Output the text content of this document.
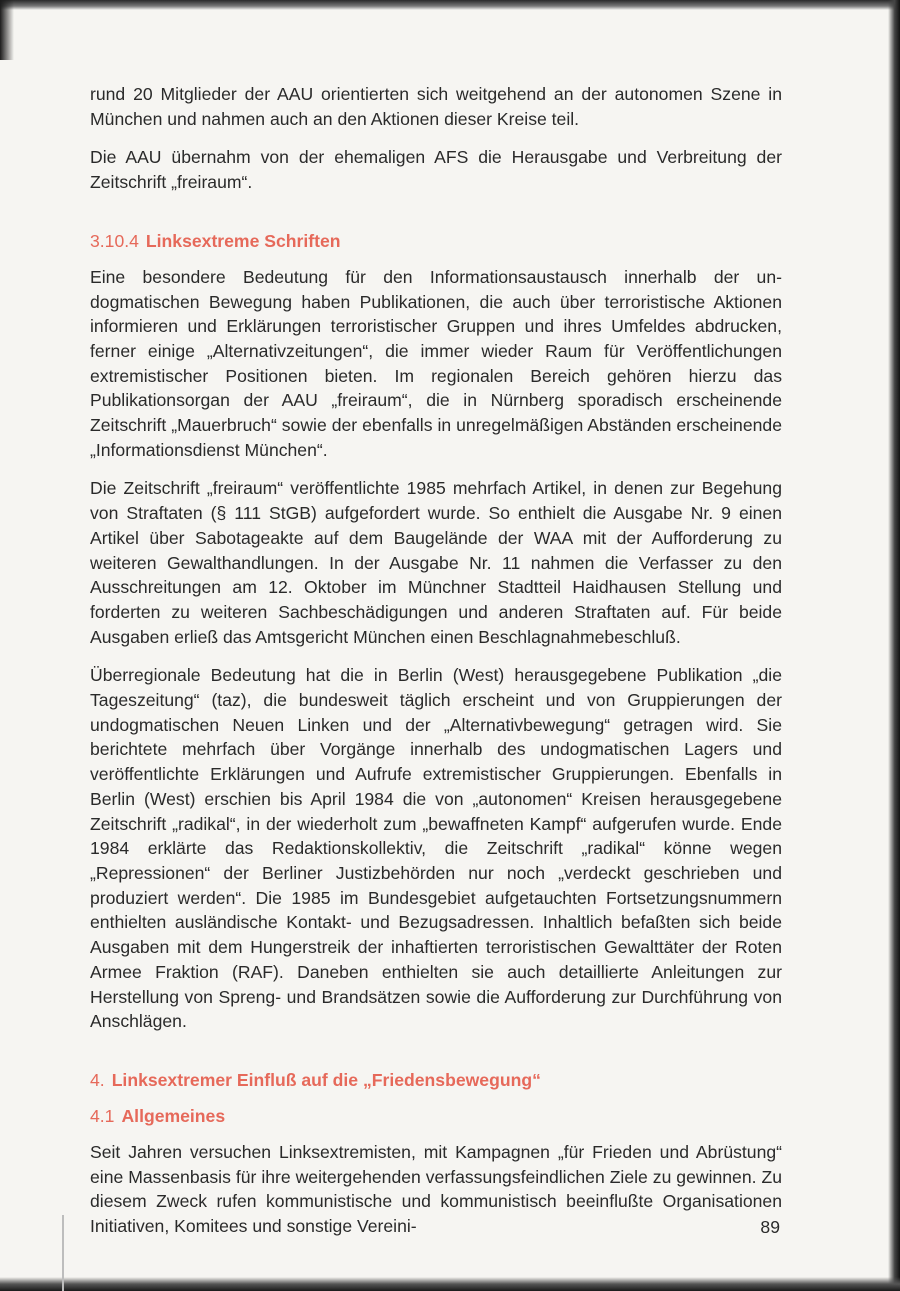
rund 20 Mitglieder der AAU orientierten sich weitgehend an der autonomen Szene in München und nahmen auch an den Aktionen dieser Kreise teil.

Die AAU übernahm von der ehemaligen AFS die Herausgabe und Verbreitung der Zeitschrift „freiraum“.

3.10.4 Linksextreme Schriften

Eine besondere Bedeutung für den Informationsaustausch innerhalb der undogmatischen Bewegung haben Publikationen, die auch über terroristische Aktionen informieren und Erklärungen terroristischer Gruppen und ihres Umfeldes abdrucken, ferner einige „Alternativzeitungen“, die immer wieder Raum für Veröffentlichungen extremistischer Positionen bieten. Im regionalen Bereich gehören hierzu das Publikationsorgan der AAU „freiraum“, die in Nürnberg sporadisch erscheinende Zeitschrift „Mauerbruch“ sowie der ebenfalls in unregelmäßigen Abständen erscheinende „Informationsdienst München“.

Die Zeitschrift „freiraum“ veröffentlichte 1985 mehrfach Artikel, in denen zur Begehung von Straftaten (§ 111 StGB) aufgefordert wurde. So enthielt die Ausgabe Nr. 9 einen Artikel über Sabotageakte auf dem Baugelände der WAA mit der Aufforderung zu weiteren Gewalthandlungen. In der Ausgabe Nr. 11 nahmen die Verfasser zu den Ausschreitungen am 12. Oktober im Münchner Stadtteil Haidhausen Stellung und forderten zu weiteren Sachbeschädigungen und anderen Straftaten auf. Für beide Ausgaben erließ das Amtsgericht München einen Beschlagnahmebeschluß.

Überregionale Bedeutung hat die in Berlin (West) herausgegebene Publikation „die Tageszeitung“ (taz), die bundesweit täglich erscheint und von Gruppierungen der undogmatischen Neuen Linken und der „Alternativbewegung“ getragen wird. Sie berichtete mehrfach über Vorgänge innerhalb des undogmatischen Lagers und veröffentlichte Erklärungen und Aufrufe extremistischer Gruppierungen. Ebenfalls in Berlin (West) erschien bis April 1984 die von „autonomen“ Kreisen herausgegebene Zeitschrift „radikal“, in der wiederholt zum „bewaffneten Kampf“ aufgerufen wurde. Ende 1984 erklärte das Redaktionskollektiv, die Zeitschrift „radikal“ könne wegen „Repressionen“ der Berliner Justizbehörden nur noch „verdeckt geschrieben und produziert werden“. Die 1985 im Bundesgebiet aufgetauchten Fortsetzungsnummern enthielten ausländische Kontakt- und Bezugsadressen. Inhaltlich befaßten sich beide Ausgaben mit dem Hungerstreik der inhaftierten terroristischen Gewalttäter der Roten Armee Fraktion (RAF). Daneben enthielten sie auch detaillierte Anleitungen zur Herstellung von Spreng- und Brandsätzen sowie die Aufforderung zur Durchführung von Anschlägen.

4. Linksextremer Einfluß auf die „Friedensbewegung“
4.1 Allgemeines

Seit Jahren versuchen Linksextremisten, mit Kampagnen „für Frieden und Abrüstung“ eine Massenbasis für ihre weitergehenden verfassungsfeindlichen Ziele zu gewinnen. Zu diesem Zweck rufen kommunistische und kommunistisch beeinflußte Organisationen Initiativen, Komitees und sonstige Vereini-	89
